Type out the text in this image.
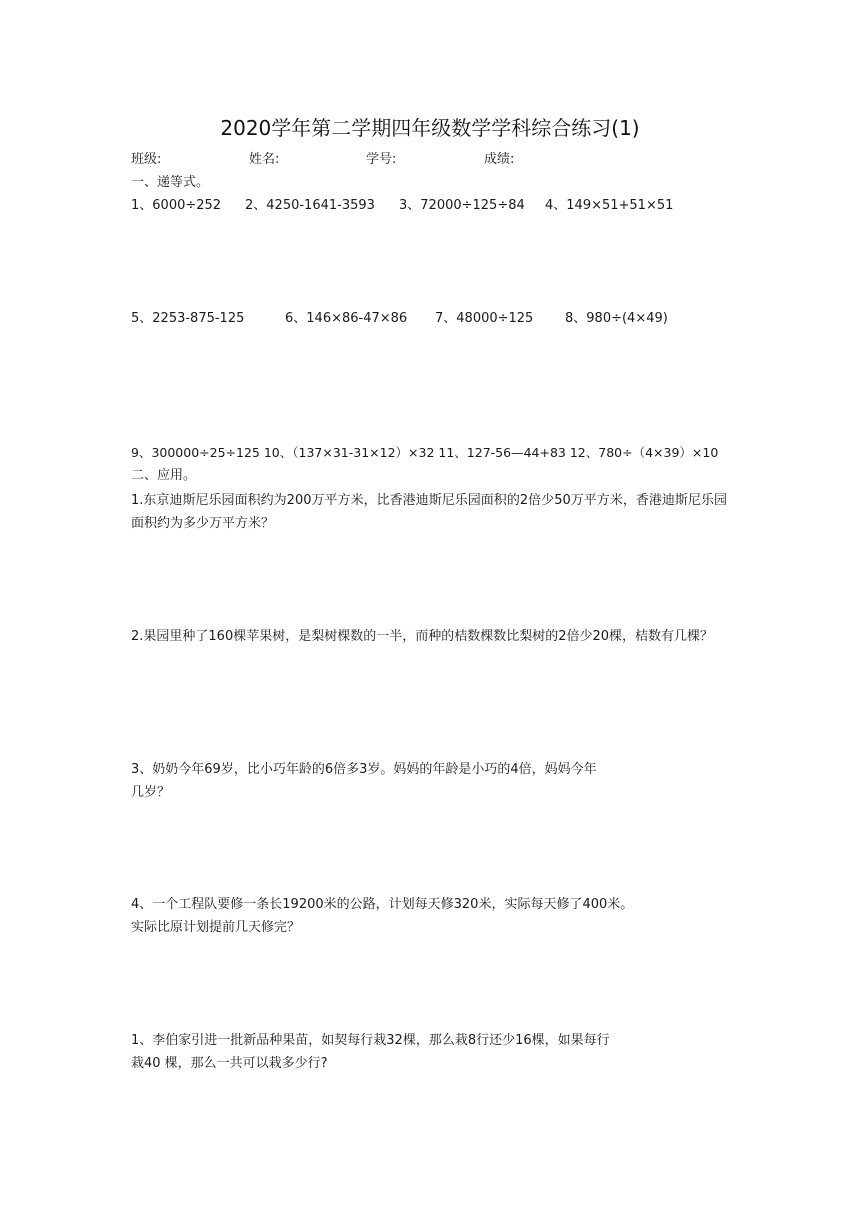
2020学年第二学期四年级数学学科综合练习(1)
班级:	姓名:	学号:	成绩:
一、递等式。
1、6000÷252 2、4250-1641-3593 3、72000÷125÷84 4、149×51+51×51
5、2253-875-125	6、146×86-47×86 7、48000÷125 8、980÷(4×49)
9、300000÷25÷125 10、（137×31-31×12）×32 11、127-56—44+83 12、780÷（4×39）×10
二、应用。
1.东京迪斯尼乐园面积约为200万平方米，比香港迪斯尼乐园面积的2倍少50万平方米，香港迪斯尼乐园面积约为多少万平方米？
2.果园里种了160棵苹果树，是梨树棵数的一半，而种的桔数棵数比梨树的2倍少20棵，桔数有几棵？
3、奶奶今年69岁，比小巧年龄的6倍多3岁。妈妈的年龄是小巧的4倍，妈妈今年
几岁？
4、一个工程队要修一条长19200米的公路，计划每天修320米，实际每天修了400米。
实际比原计划提前几天修完？
1、李伯家引进一批新品种果苗，如契每行栽32棵，那么栽8行还少16棵，如果每行
栽40 棵，那么一共可以栽多少行?
